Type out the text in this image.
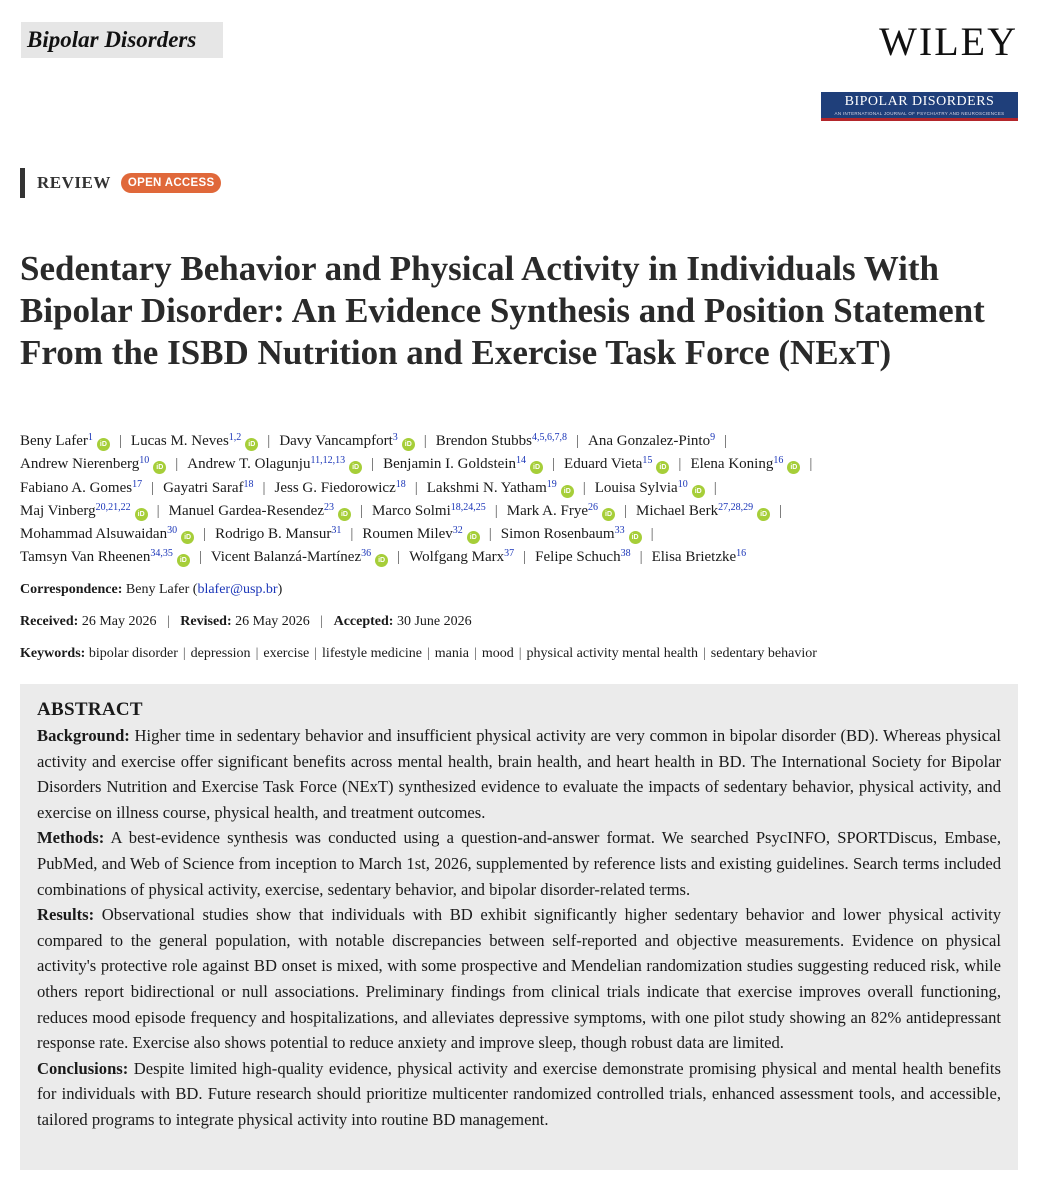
Bipolar Disorders	WILEY
BIPOLAR DISORDERS
AN INTERNATIONAL JOURNAL OF PSYCHIATRY AND NEUROSCIENCES
REVIEW	OPEN ACCESS
Sedentary Behavior and Physical Activity in Individuals With Bipolar Disorder: An Evidence Synthesis and Position Statement From the ISBD Nutrition and Exercise Task Force (NExT)
Beny Lafer$^1$iD | Lucas M. Neves$^{1,2}$iD | Davy Vancampfort$^3$iD | Brendon Stubbs$^{4,5,6,7,8}$ | Ana Gonzalez-Pinto$^9$ |
Andrew Nierenberg$^{10}$iD | Andrew T. Olagunju$^{11,12,13}$iD | Benjamin I. Goldstein$^{14}$iD | Eduard Vieta$^{15}$iD | Elena Koning$^{16}$iD |
Fabiano A. Gomes$^{17}$ | Gayatri Saraf$^{18}$ | Jess G. Fiedorowicz$^{18}$ | Lakshmi N. Yatham$^{19}$iD | Louisa Sylvia$^{10}$iD |
Maj Vinberg$^{20,21,22}$iD | Manuel Gardea-Resendez$^{23}$iD | Marco Solmi$^{18,24,25}$ | Mark A. Frye$^{26}$iD | Michael Berk$^{27,28,29}$iD |
Mohammad Alsuwaidan$^{30}$iD | Rodrigo B. Mansur$^{31}$ | Roumen Milev$^{32}$iD | Simon Rosenbaum$^{33}$iD |
Tamsyn Van Rheenen$^{34,35}$iD | Vicent Balanzá-Martínez$^{36}$iD | Wolfgang Marx$^{37}$ | Felipe Schuch$^{38}$ | Elisa Brietzke$^{16}$
Correspondence: Beny Lafer (blafer@usp.br)
Received: 26 May 2026 | Revised: 26 May 2026 | Accepted: 30 June 2026
Keywords: bipolar disorder | depression | exercise | lifestyle medicine | mania | mood | physical activity mental health | sedentary behavior
ABSTRACT

Background: Higher time in sedentary behavior and insufficient physical activity are very common in bipolar disorder (BD). Whereas physical activity and exercise offer significant benefits across mental health, brain health, and heart health in BD. The International Society for Bipolar Disorders Nutrition and Exercise Task Force (NExT) synthesized evidence to evaluate the impacts of sedentary behavior, physical activity, and exercise on illness course, physical health, and treatment outcomes.

Methods: A best-evidence synthesis was conducted using a question-and-answer format. We searched PsycINFO, SPORTDiscus, Embase, PubMed, and Web of Science from inception to March 1st, 2026, supplemented by reference lists and existing guidelines. Search terms included combinations of physical activity, exercise, sedentary behavior, and bipolar disorder-related terms.

Results: Observational studies show that individuals with BD exhibit significantly higher sedentary behavior and lower physical activity compared to the general population, with notable discrepancies between self-reported and objective measurements. Evidence on physical activity's protective role against BD onset is mixed, with some prospective and Mendelian randomization studies suggesting reduced risk, while others report bidirectional or null associations. Preliminary findings from clinical trials indicate that exercise improves overall functioning, reduces mood episode frequency and hospitalizations, and alleviates depressive symptoms, with one pilot study showing an 82% antidepressant response rate. Exercise also shows potential to reduce anxiety and improve sleep, though robust data are limited.

Conclusions: Despite limited high-quality evidence, physical activity and exercise demonstrate promising physical and mental health benefits for individuals with BD. Future research should prioritize multicenter randomized controlled trials, enhanced assessment tools, and accessible, tailored programs to integrate physical activity into routine BD management.
